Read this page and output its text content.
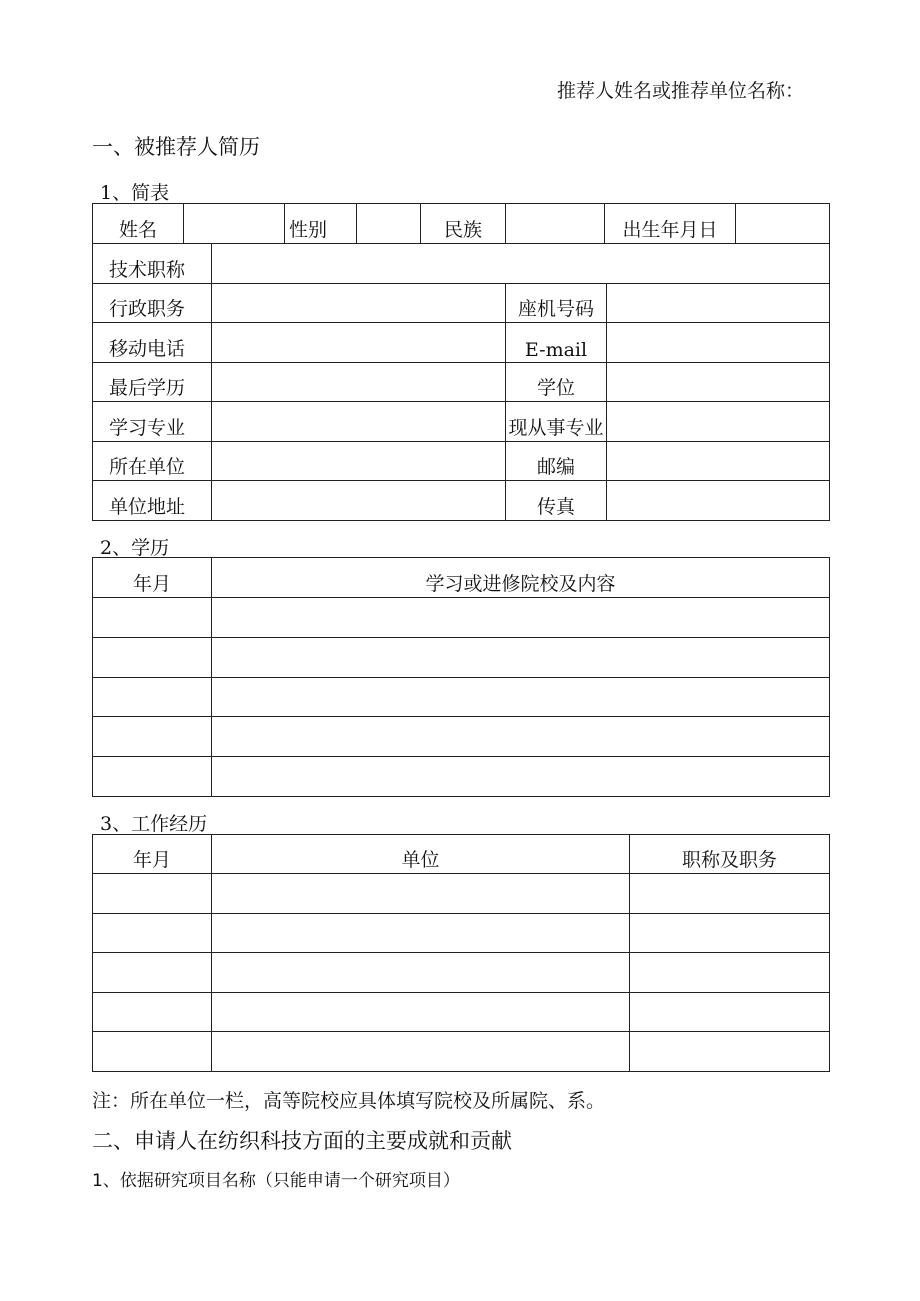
推荐人姓名或推荐单位名称：
一、被推荐人简历
1、简表
姓名			性别		民族		出生年月日		
技术职称									
行政职务						座机号码			
移动电话						E-mail			
最后学历						学位			
学习专业						现从事专业			
所在单位						邮编			
单位地址						传真			
2、学历
年月	学习或进修院校及内容

3、工作经历
年月	单位	职称及职务

注：所在单位一栏，高等院校应具体填写院校及所属院、系。
二、申请人在纺织科技方面的主要成就和贡献
1、依据研究项目名称（只能申请一个研究项目）
